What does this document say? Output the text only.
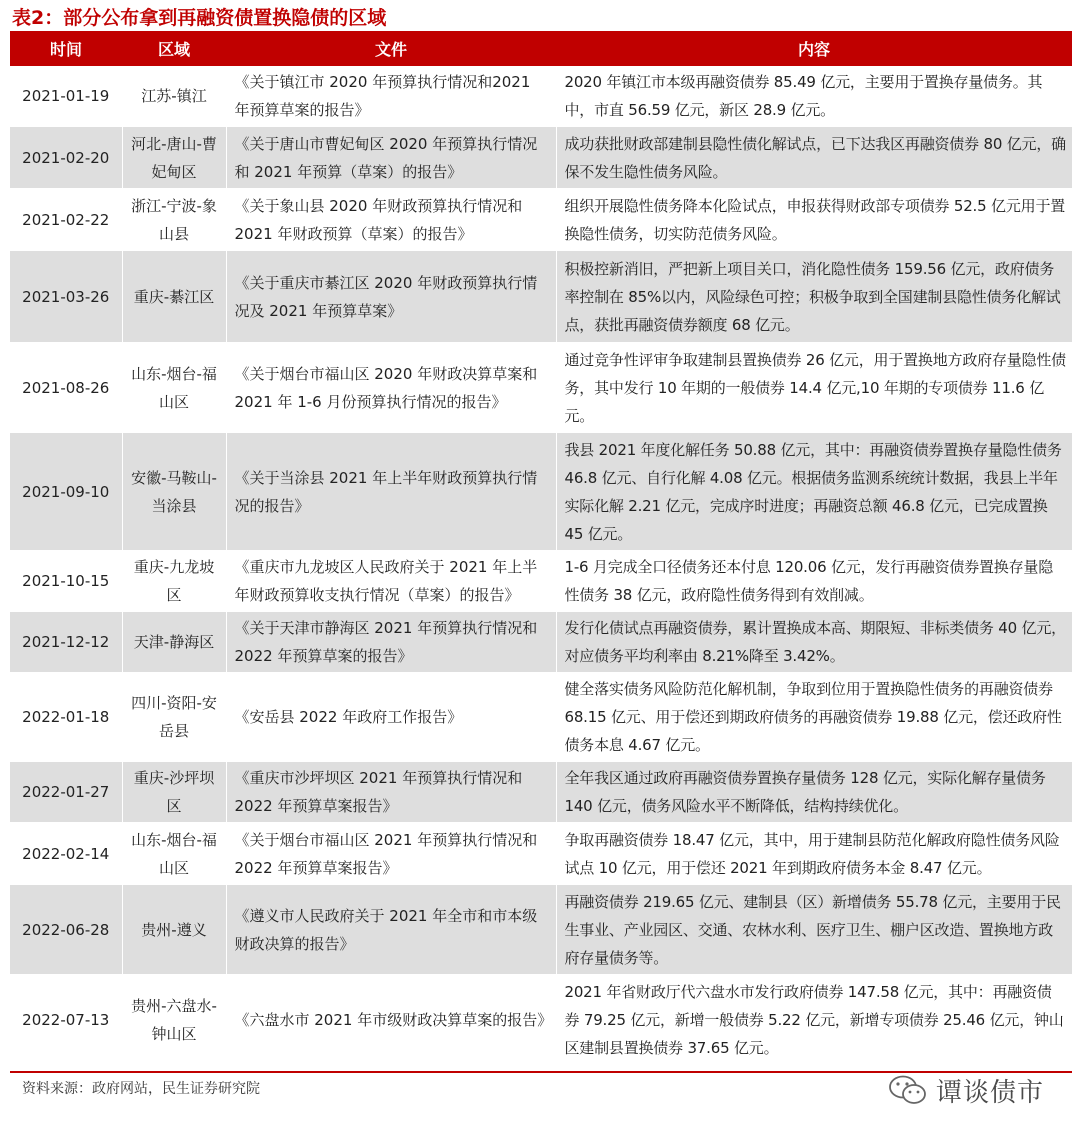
表2：部分公布拿到再融资债置换隐债的区域
时间	区域	文件	内容
2021-01-19	江苏-镇江	《关于镇江市 2020 年预算执行情况和2021 年预算草案的报告》	2020 年镇江市本级再融资债券 85.49 亿元，主要用于置换存量债务。其中，市直 56.59 亿元，新区 28.9 亿元。
2021-02-20	河北-唐山-曹妃甸区	《关于唐山市曹妃甸区 2020 年预算执行情况和 2021 年预算（草案）的报告》	成功获批财政部建制县隐性债化解试点，已下达我区再融资债券 80 亿元，确保不发生隐性债务风险。
2021-02-22	浙江-宁波-象山县	《关于象山县 2020 年财政预算执行情况和2021 年财政预算（草案）的报告》	组织开展隐性债务降本化险试点，申报获得财政部专项债券 52.5 亿元用于置换隐性债务，切实防范债务风险。
2021-03-26	重庆-綦江区	《关于重庆市綦江区 2020 年财政预算执行情况及 2021 年预算草案》	积极控新消旧，严把新上项目关口，消化隐性债务 159.56 亿元，政府债务率控制在 85%以内，风险绿色可控；积极争取到全国建制县隐性债务化解试点，获批再融资债券额度 68 亿元。
2021-08-26	山东-烟台-福山区	《关于烟台市福山区 2020 年财政决算草案和 2021 年 1-6 月份预算执行情况的报告》	通过竞争性评审争取建制县置换债券 26 亿元，用于置换地方政府存量隐性债务，其中发行 10 年期的一般债券 14.4 亿元,10 年期的专项债券 11.6 亿元。
2021-09-10	安徽-马鞍山-当涂县	《关于当涂县 2021 年上半年财政预算执行情况的报告》	我县 2021 年度化解任务 50.88 亿元，其中：再融资债券置换存量隐性债务 46.8 亿元、自行化解 4.08 亿元。根据债务监测系统统计数据，我县上半年实际化解 2.21 亿元，完成序时进度；再融资总额 46.8 亿元，已完成置换 45 亿元。
2021-10-15	重庆-九龙坡区	《重庆市九龙坡区人民政府关于 2021 年上半年财政预算收支执行情况（草案）的报告》	1-6 月完成全口径债务还本付息 120.06 亿元，发行再融资债券置换存量隐性债务 38 亿元，政府隐性债务得到有效削减。
2021-12-12	天津-静海区	《关于天津市静海区 2021 年预算执行情况和 2022 年预算草案的报告》	发行化债试点再融资债券，累计置换成本高、期限短、非标类债务 40 亿元，对应债务平均利率由 8.21%降至 3.42%。
2022-01-18	四川-资阳-安岳县	《安岳县 2022 年政府工作报告》	健全落实债务风险防范化解机制，争取到位用于置换隐性债务的再融资债券 68.15 亿元、用于偿还到期政府债务的再融资债券 19.88 亿元，偿还政府性债务本息 4.67 亿元。
2022-01-27	重庆-沙坪坝区	《重庆市沙坪坝区 2021 年预算执行情况和2022 年预算草案报告》	全年我区通过政府再融资债券置换存量债务 128 亿元，实际化解存量债务 140 亿元，债务风险水平不断降低，结构持续优化。
2022-02-14	山东-烟台-福山区	《关于烟台市福山区 2021 年预算执行情况和 2022 年预算草案报告》	争取再融资债券 18.47 亿元，其中，用于建制县防范化解政府隐性债务风险试点 10 亿元，用于偿还 2021 年到期政府债务本金 8.47 亿元。
2022-06-28	贵州-遵义	《遵义市人民政府关于 2021 年全市和市本级财政决算的报告》	再融资债券 219.65 亿元、建制县（区）新增债务 55.78 亿元，主要用于民生事业、产业园区、交通、农林水利、医疗卫生、棚户区改造、置换地方政府存量债务等。
2022-07-13	贵州-六盘水-钟山区	《六盘水市 2021 年市级财政决算草案的报告》	2021 年省财政厅代六盘水市发行政府债券 147.58 亿元，其中：再融资债券 79.25 亿元，新增一般债券 5.22 亿元，新增专项债券 25.46 亿元，钟山区建制县置换债券 37.65 亿元。
资料来源：政府网站，民生证券研究院	谭谈债市
